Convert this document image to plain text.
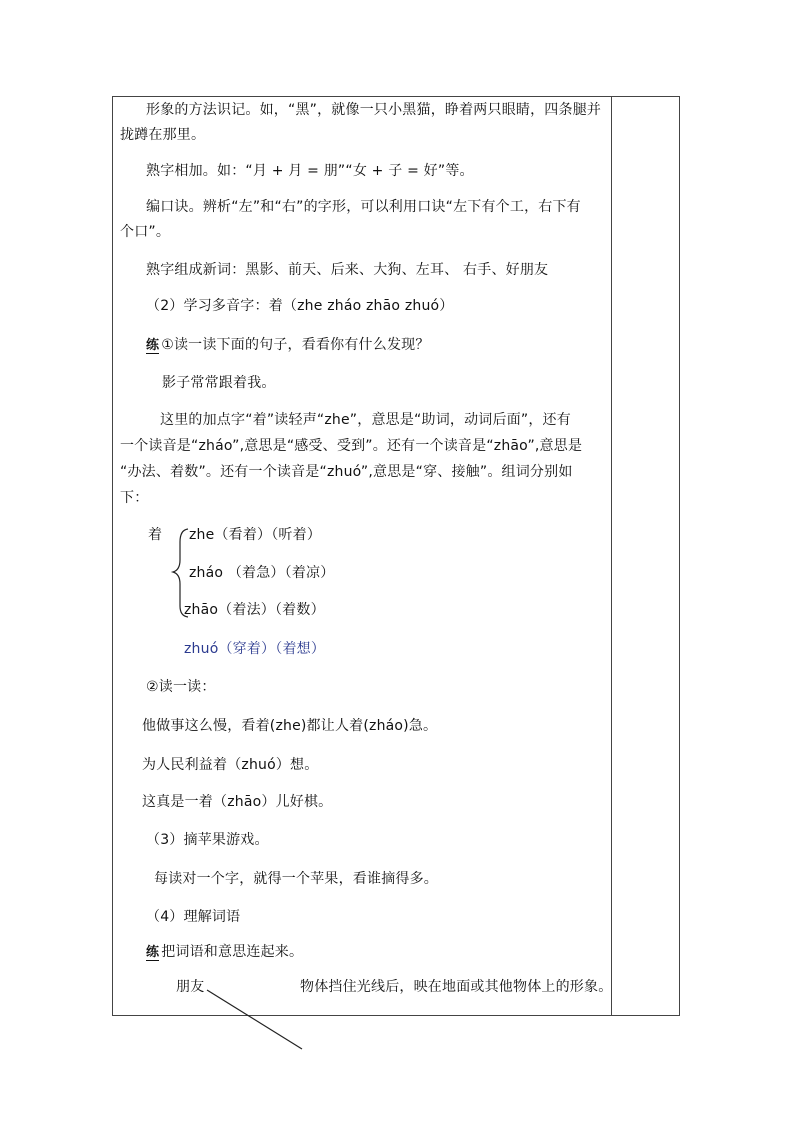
形象的方法识记。如，“黑”，就像一只小黑猫，睁着两只眼睛，四条腿并
拢蹲在那里。
熟字相加。如：“月 + 月 = 朋”“女 + 子 = 好”等。
编口诀。辨析“左”和“右”的字形，可以利用口诀“左下有个工，右下有
个口”。
熟字组成新词：黑影、前天、后来、大狗、左耳、 右手、好朋友
（2）学习多音字：着（zhe zháo zhāo zhuó）
练 ①读一读下面的句子，看看你有什么发现？
影子常常跟着我。
这里的加点字“着”读轻声“zhe”，意思是“助词，动词后面”，还有
一个读音是“zháo”,意思是“感受、受到”。还有一个读音是“zhāo”,意思是
“办法、着数”。还有一个读音是“zhuó”,意思是“穿、接触”。组词分别如
下：
着 zhe（看着）（听着）
zháo （着急）（着凉）
zhāo（着法）（着数）
zhuó（穿着）（着想）
②读一读：
他做事这么慢，看着(zhe)都让人着(zháo)急。
为人民利益着（zhuó）想。
这真是一着（zhāo）儿好棋。
（3）摘苹果游戏。
每读对一个字，就得一个苹果，看谁摘得多。
（4）理解词语
练 把词语和意思连起来。
朋友	物体挡住光线后，映在地面或其他物体上的形象。
